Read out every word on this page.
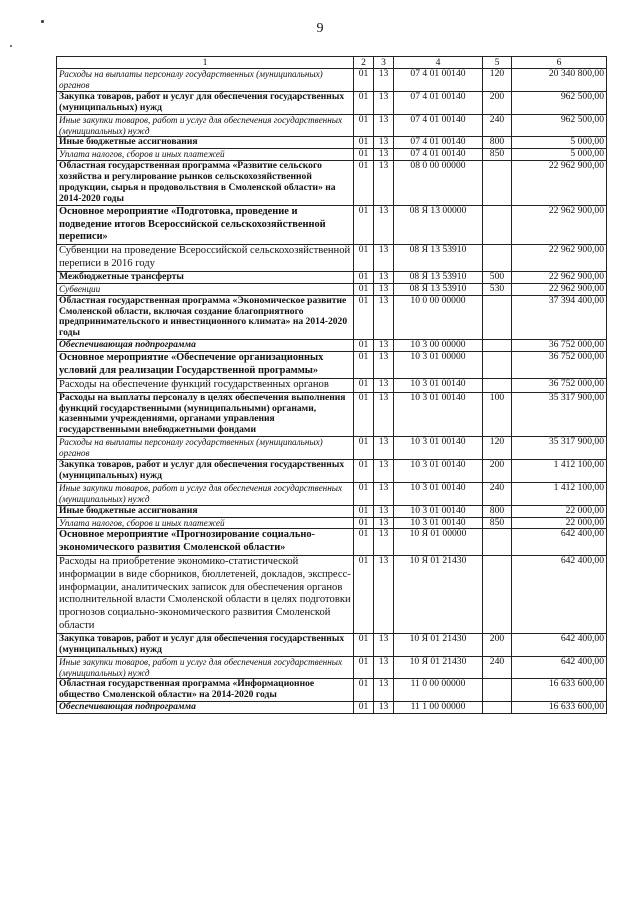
9
1	2	3	4	5	6
Расходы на выплаты персоналу государственных (муниципальных) органов	01	13	07 4 01 00140	120	20 340 800,00
Закупка товаров, работ и услуг для обеспечения государственных (муниципальных) нужд	01	13	07 4 01 00140	200	962 500,00
Иные закупки товаров, работ и услуг для обеспечения государственных (муниципальных) нужд	01	13	07 4 01 00140	240	962 500,00
Иные бюджетные ассигнования	01	13	07 4 01 00140	800	5 000,00
Уплата налогов, сборов и иных платежей	01	13	07 4 01 00140	850	5 000,00
Областная государственная программа «Развитие сельского хозяйства и регулирование рынков сельскохозяйственной продукции, сырья и продовольствия в Смоленской области» на 2014-2020 годы	01	13	08 0 00 00000		22 962 900,00
Основное мероприятие «Подготовка, проведение и подведение итогов Всероссийской сельскохозяйственной переписи»	01	13	08 Я 13 00000		22 962 900,00
Субвенции на проведение Всероссийской сельскохозяйственной переписи в 2016 году	01	13	08 Я 13 53910		22 962 900,00
Межбюджетные трансферты	01	13	08 Я 13 53910	500	22 962 900,00
Субвенции	01	13	08 Я 13 53910	530	22 962 900,00
Областная государственная программа «Экономическое развитие Смоленской области, включая создание благоприятного предпринимательского и инвестиционного климата» на 2014-2020 годы	01	13	10 0 00 00000		37 394 400,00
Обеспечивающая подпрограмма	01	13	10 3 00 00000		36 752 000,00
Основное мероприятие «Обеспечение организационных условий для реализации Государственной программы»	01	13	10 3 01 00000		36 752 000,00
Расходы на обеспечение функций государственных органов	01	13	10 3 01 00140		36 752 000,00
Расходы на выплаты персоналу в целях обеспечения выполнения функций государственными (муниципальными) органами, казенными учреждениями, органами управления государственными внебюджетными фондами	01	13	10 3 01 00140	100	35 317 900,00
Расходы на выплаты персоналу государственных (муниципальных) органов	01	13	10 3 01 00140	120	35 317 900,00
Закупка товаров, работ и услуг для обеспечения государственных (муниципальных) нужд	01	13	10 3 01 00140	200	1 412 100,00
Иные закупки товаров, работ и услуг для обеспечения государственных (муниципальных) нужд	01	13	10 3 01 00140	240	1 412 100,00
Иные бюджетные ассигнования	01	13	10 3 01 00140	800	22 000,00
Уплата налогов, сборов и иных платежей	01	13	10 3 01 00140	850	22 000,00
Основное мероприятие «Прогнозирование социально-экономического развития Смоленской области»	01	13	10 Я 01 00000		642 400,00
Расходы на приобретение экономико-статистической информации в виде сборников, бюллетеней, докладов, экспресс-информации, аналитических записок для обеспечения органов исполнительной власти Смоленской области в целях подготовки прогнозов социально-экономического развития Смоленской области	01	13	10 Я 01 21430		642 400,00
Закупка товаров, работ и услуг для обеспечения государственных (муниципальных) нужд	01	13	10 Я 01 21430	200	642 400,00
Иные закупки товаров, работ и услуг для обеспечения государственных (муниципальных) нужд	01	13	10 Я 01 21430	240	642 400,00
Областная государственная программа «Информационное общество Смоленской области» на 2014-2020 годы	01	13	11 0 00 00000		16 633 600,00
Обеспечивающая подпрограмма	01	13	11 1 00 00000		16 633 600,00
